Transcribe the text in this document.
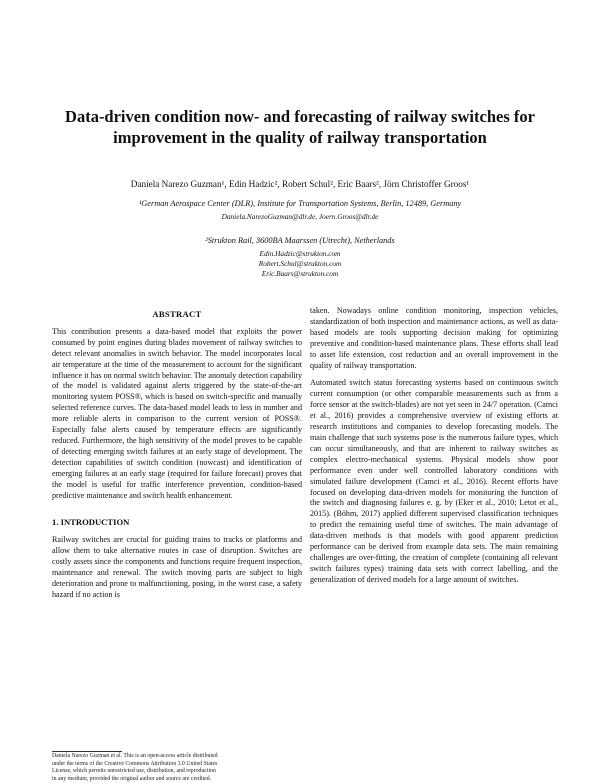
Data-driven condition now- and forecasting of railway switches for
improvement in the quality of railway transportation
Daniela Narezo Guzman¹, Edin Hadzic², Robert Schul², Eric Baars², Jörn Christoffer Groos¹
¹German Aerospace Center (DLR), Institute for Transportation Systems, Berlin, 12489, Germany
Daniela.NarezoGuzman@dlr.de, Joern.Groos@dlr.de
²Strukton Rail, 3600BA Maarssen (Utrecht), Netherlands
Edin.Hadzic@strukton.com
Robert.Schul@strukton.com
Eric.Baars@strukton.com
ABSTRACT

This contribution presents a data-based model that exploits the power consumed by point engines during blades movement of railway switches to detect relevant anomalies in switch behavior. The model incorporates local air temperature at the time of the measurement to account for the significant influence it has on normal switch behavior. The anomaly detection capability of the model is validated against alerts triggered by the state-of-the-art monitoring system POSS®, which is based on switch-specific and manually selected reference curves. The data-based model leads to less in number and more reliable alerts in comparison to the current version of POSS®. Especially false alerts caused by temperature effects are significantly reduced. Furthermore, the high sensitivity of the model proves to be capable of detecting emerging switch failures at an early stage of development. The detection capabilities of switch condition (nowcast) and identification of emerging failures at an early stage (required for failure forecast) proves that the model is useful for traffic interference prevention, condition-based predictive maintenance and switch health enhancement.

1. INTRODUCTION

Railway switches are crucial for guiding trains to tracks or platforms and allow them to take alternative routes in case of disruption. Switches are costly assets since the components and functions require frequent inspection, maintenance and renewal. The switch moving parts are subject to high deterioration and prone to malfunctioning, posing, in the worst case, a safety hazard if no action is

taken. Nowadays online condition monitoring, inspection vehicles, standardization of both inspection and maintenance actions, as well as data-based models are tools supporting decision making for optimizing preventive and condition-based maintenance plans. These efforts shall lead to asset life extension, cost reduction and an overall improvement in the quality of railway transportation.

Automated switch status forecasting systems based on continuous switch current consumption (or other comparable measurements such as from a force sensor at the switch-blades) are not yet seen in 24/7 operation. (Camci et al., 2016) provides a comprehensive overview of existing efforts at research institutions and companies to develop forecasting models. The main challenge that such systems pose is the numerous failure types, which can occur simultaneously, and that are inherent to railway switches as complex electro-mechanical systems. Physical models show poor performance even under well controlled laboratory conditions with simulated failure development (Camci et al., 2016). Recent efforts have focused on developing data-driven models for monitoring the function of the switch and diagnosing failures e. g. by (Eker et al., 2010; Letot et al., 2015). (Böhm, 2017) applied different supervised classification techniques to predict the remaining useful time of switches. The main advantage of data-driven methods is that models with good apparent prediction performance can be derived from example data sets. The main remaining challenges are over-fitting, the creation of complete (containing all relevant switch failures types) training data sets with correct labelling, and the generalization of derived models for a large amount of switches.

Daniela Narezo Guzman et al. This is an open-access article distributed
under the terms of the Creative Commons Attribution 3.0 United States
License, which permits unrestricted use, distribution, and reproduction
in any medium, provided the original author and source are credited.
